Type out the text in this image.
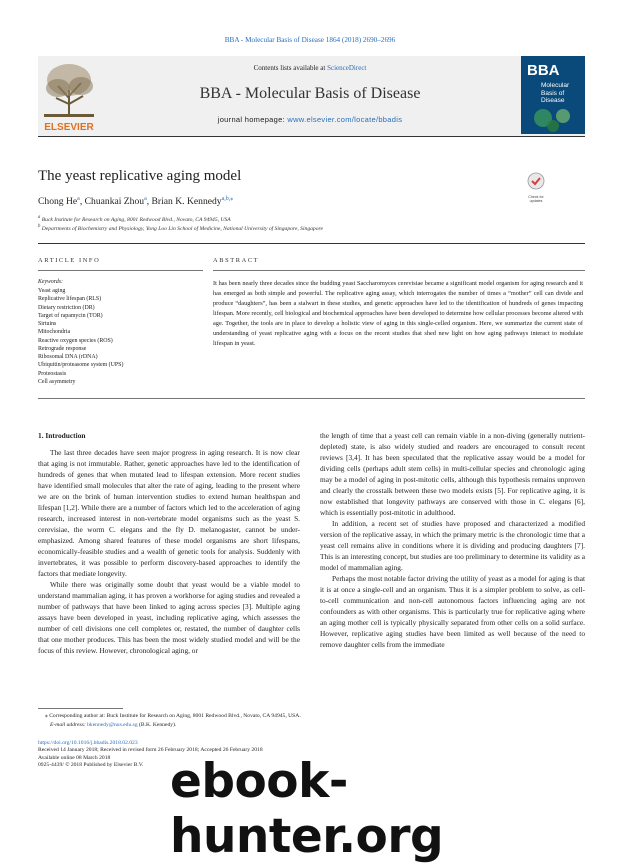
BBA - Molecular Basis of Disease 1864 (2018) 2690–2696
ELSEVIER
Contents lists available at ScienceDirect
BBA - Molecular Basis of Disease
journal homepage: www.elsevier.com/locate/bbadis
BBA
Molecular
Basis of
Disease
The yeast replicative aging model
Check for
updates
Chong He$^a$, Chuankai Zhou$^a$, Brian K. Kennedy$^{a,b,⁎}$
$^a$ Buck Institute for Research on Aging, 8001 Redwood Blvd., Novato, CA 94945, USA
$^b$ Departments of Biochemistry and Physiology, Yong Loo Lin School of Medicine, National University of Singapore, Singapore
ARTICLE INFO	ABSTRACT
Keywords:
Yeast aging
Replicative lifespan (RLS)
Dietary restriction (DR)
Target of rapamycin (TOR)
Sirtuins
Mitochondria
Reactive oxygen species (ROS)
Retrograde response
Ribosomal DNA (rDNA)
Ubiquitin/proteasome system (UPS)
Proteostasis
Cell asymmetry
It has been nearly three decades since the budding yeast Saccharomyces cerevisiae became a significant model organism for aging research and it has emerged as both simple and powerful. The replicative aging assay, which interrogates the number of times a “mother” cell can divide and produce “daughters”, has been a stalwart in these studies, and genetic approaches have led to the identification of hundreds of genes impacting lifespan. More recently, cell biological and biochemical approaches have been developed to determine how cellular processes become altered with age. Together, the tools are in place to develop a holistic view of aging in this single-celled organism. Here, we summarize the current state of understanding of yeast replicative aging with a focus on the recent studies that shed new light on how aging pathways interact to modulate lifespan in yeast.
1. Introduction

The last three decades have seen major progress in aging research. It is now clear that aging is not immutable. Rather, genetic approaches have led to the identification of hundreds of genes that when mutated lead to lifespan extension. More recent studies have identified small molecules that alter the rate of aging, leading to the present where we are on the brink of human intervention studies to extend human healthspan and lifespan [1,2]. While there are a number of factors which led to the acceleration of aging research, increased interest in non-vertebrate model organisms such as the yeast S. cerevisiae, the worm C. elegans and the fly D. melanogaster, cannot be under-emphasized. Among shared features of these model organisms are short lifespans, economically-feasible studies and a wealth of genetic tools for analysis. Suddenly with invertebrates, it was possible to perform discovery-based approaches to identify the factors that mediate longevity.

While there was originally some doubt that yeast would be a viable model to understand mammalian aging, it has proven a workhorse for aging studies and revealed a number of pathways that have been linked to aging across species [3]. Multiple aging assays have been developed in yeast, including replicative aging, which assesses the number of cell divisions one cell completes or, restated, the number of daughter cells that one mother produces. This has been the most widely studied model and will be the focus of this review. However, chronological aging, or

the length of time that a yeast cell can remain viable in a non-diving (generally nutrient-depleted) state, is also widely studied and readers are encouraged to consult recent reviews [3,4]. It has been speculated that the replicative assay would be a model for dividing cells (perhaps adult stem cells) in multi-cellular species and chronologic aging may be a model of aging in post-mitotic cells, although this hypothesis remains unproven and clearly the crosstalk between these two models exists [5]. For replicative aging, it is now established that longevity pathways are conserved with those in C. elegans [6], which is essentially post-mitotic in adulthood.

In addition, a recent set of studies have proposed and characterized a modified version of the replicative assay, in which the primary metric is the chronologic time that a yeast cell remains alive in conditions where it is dividing and producing daughters [7]. This is an interesting concept, but studies are too preliminary to determine its validity as a model of mammalian aging.

Perhaps the most notable factor driving the utility of yeast as a model for aging is that it is at once a single-cell and an organism. Thus it is a simpler problem to solve, as cell-to-cell communication and non-cell autonomous factors influencing aging are not confounders as with other organisms. This is particularly true for replicative aging where an aging mother cell is typically physically separated from other cells on a solid surface. However, replicative aging studies have been limited as well because of the need to remove daughter cells from the immediate

⁎ Corresponding author at: Buck Institute for Research on Aging, 8001 Redwood Blvd., Novato, CA 94945, USA.
E-mail address: bkennedy@nus.edu.sg (B.K. Kennedy).
https://doi.org/10.1016/j.bbadis.2018.02.023
Received 14 January 2018; Received in revised form 26 February 2018; Accepted 26 February 2018
Available online 08 March 2018
0925-4439/ © 2018 Published by Elsevier B.V. ebook-hunter.org
